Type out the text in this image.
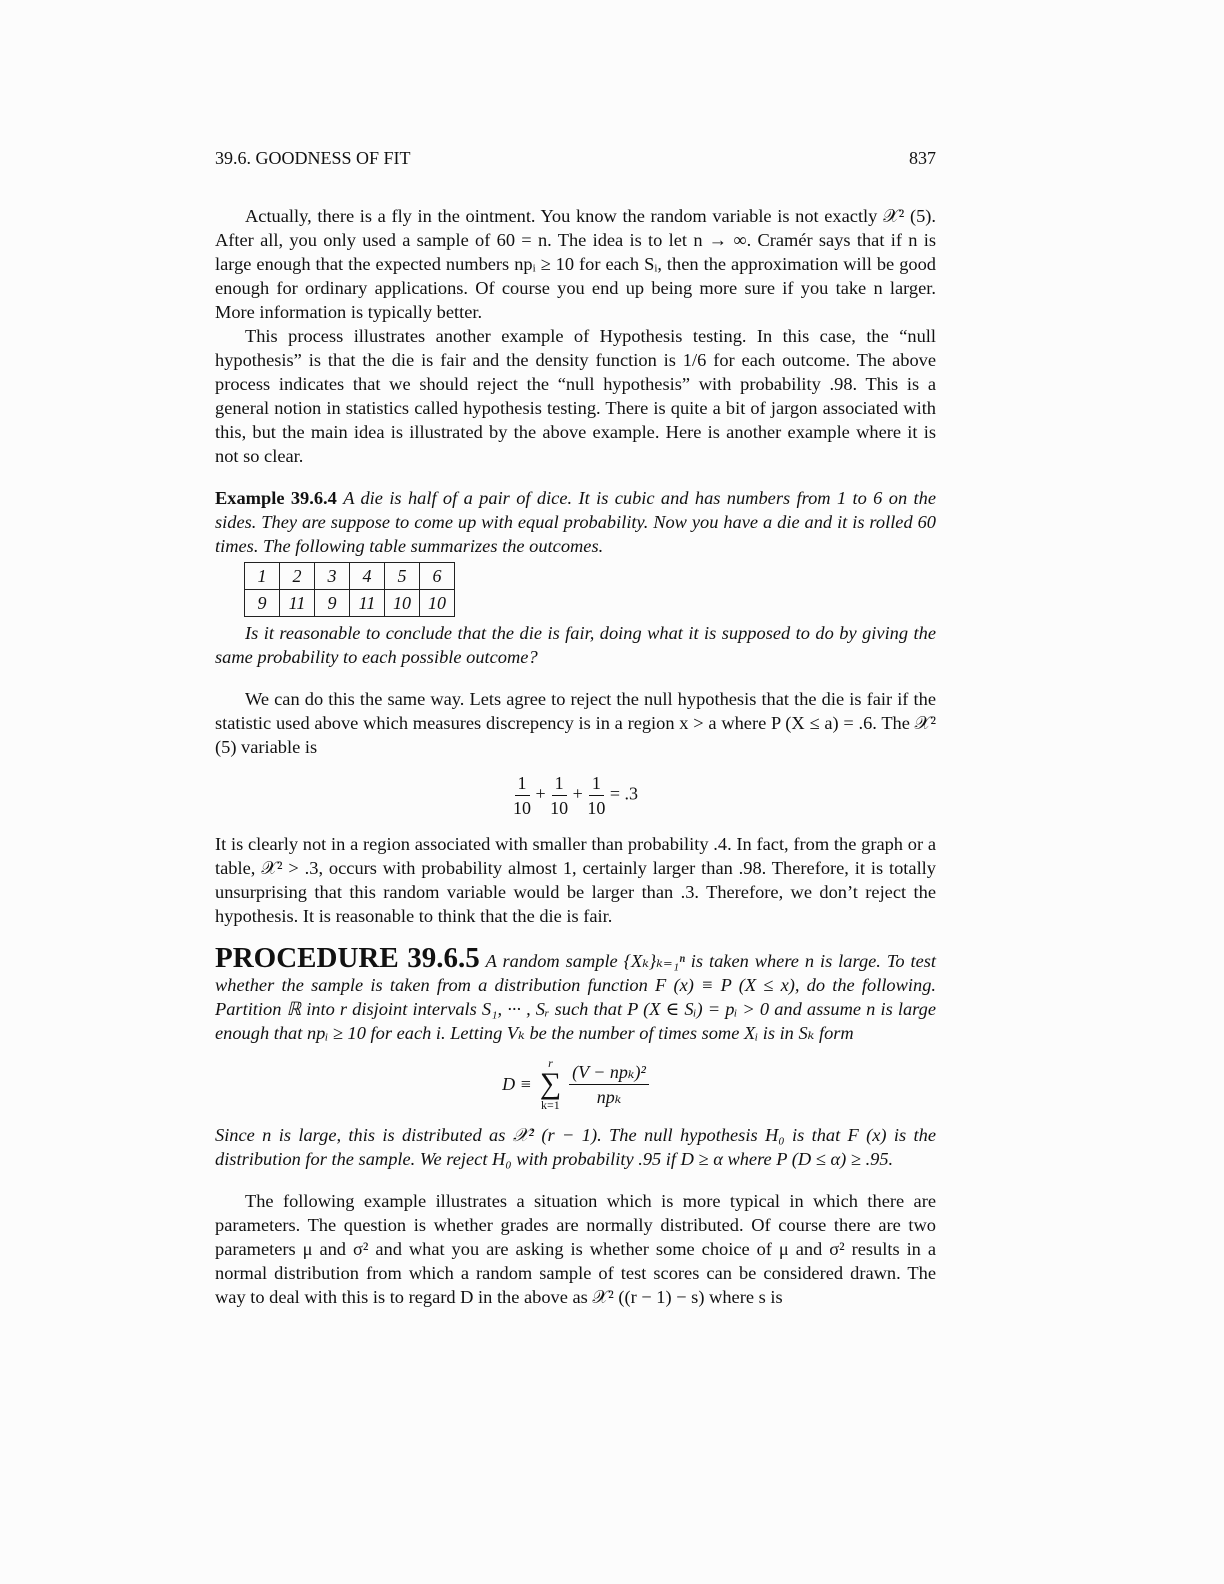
39.6. GOODNESS OF FIT	837

Actually, there is a fly in the ointment. You know the random variable is not exactly 𝒳² (5). After all, you only used a sample of 60 = n. The idea is to let n → ∞. Cramér says that if n is large enough that the expected numbers npᵢ ≥ 10 for each Sᵢ, then the approximation will be good enough for ordinary applications. Of course you end up being more sure if you take n larger. More information is typically better.

This process illustrates another example of Hypothesis testing. In this case, the “null hypothesis” is that the die is fair and the density function is 1/6 for each outcome. The above process indicates that we should reject the “null hypothesis” with probability .98. This is a general notion in statistics called hypothesis testing. There is quite a bit of jargon associated with this, but the main idea is illustrated by the above example. Here is another example where it is not so clear.

Example 39.6.4 A die is half of a pair of dice. It is cubic and has numbers from 1 to 6 on the sides. They are suppose to come up with equal probability. Now you have a die and it is rolled 60 times. The following table summarizes the outcomes.

1	2	3	4	5	6
9	11	9	11	10	10

Is it reasonable to conclude that the die is fair, doing what it is supposed to do by giving the same probability to each possible outcome?

We can do this the same way. Lets agree to reject the null hypothesis that the die is fair if the statistic used above which measures discrepency is in a region x > a where P (X ≤ a) = .6. The 𝒳² (5) variable is

$\frac{1}{10} + \frac{1}{10} + \frac{1}{10} = .3$

It is clearly not in a region associated with smaller than probability .4. In fact, from the graph or a table, 𝒳² > .3, occurs with probability almost 1, certainly larger than .98. Therefore, it is totally unsurprising that this random variable would be larger than .3. Therefore, we don’t reject the hypothesis. It is reasonable to think that the die is fair.

PROCEDURE 39.6.5 A random sample {Xₖ}ₖ₌₁ⁿ is taken where n is large. To test whether the sample is taken from a distribution function F (x) ≡ P (X ≤ x), do the following. Partition ℝ into r disjoint intervals S₁, ··· , Sᵣ such that P (X ∈ Sᵢ) = pᵢ > 0 and assume n is large enough that npᵢ ≥ 10 for each i. Letting Vₖ be the number of times some Xᵢ is in Sₖ form

D ≡
r
∑
$k=1 \frac{\text{(V − npₖ)²}}{\text{npₖ}}$

Since n is large, this is distributed as 𝒳² (r − 1). The null hypothesis H₀ is that F (x) is the distribution for the sample. We reject H₀ with probability .95 if D ≥ α where P (D ≤ α) ≥ .95.

The following example illustrates a situation which is more typical in which there are parameters. The question is whether grades are normally distributed. Of course there are two parameters μ and σ² and what you are asking is whether some choice of μ and σ² results in a normal distribution from which a random sample of test scores can be considered drawn. The way to deal with this is to regard D in the above as 𝒳² ((r − 1) − s) where s is
